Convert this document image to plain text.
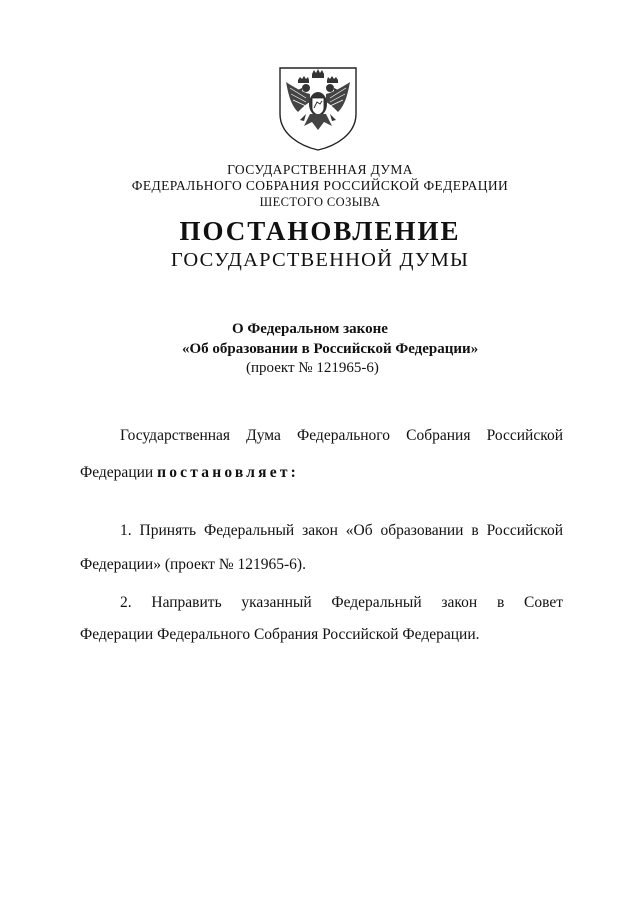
ГОСУДАРСТВЕННАЯ ДУМА
ФЕДЕРАЛЬНОГО СОБРАНИЯ РОССИЙСКОЙ ФЕДЕРАЦИИ
ШЕСТОГО СОЗЫВА
ПОСТАНОВЛЕНИЕ
ГОСУДАРСТВЕННОЙ ДУМЫ
О Федеральном законе
«Об образовании в Российской Федерации»
(проект № 121965-6)
Государственная Дума Федерального Собрания Российской
Федерации постановляет:
1. Принять Федеральный закон «Об образовании в Российской
Федерации» (проект № 121965-6).
2. Направить указанный Федеральный закон в Совет
Федерации Федерального Собрания Российской Федерации.
